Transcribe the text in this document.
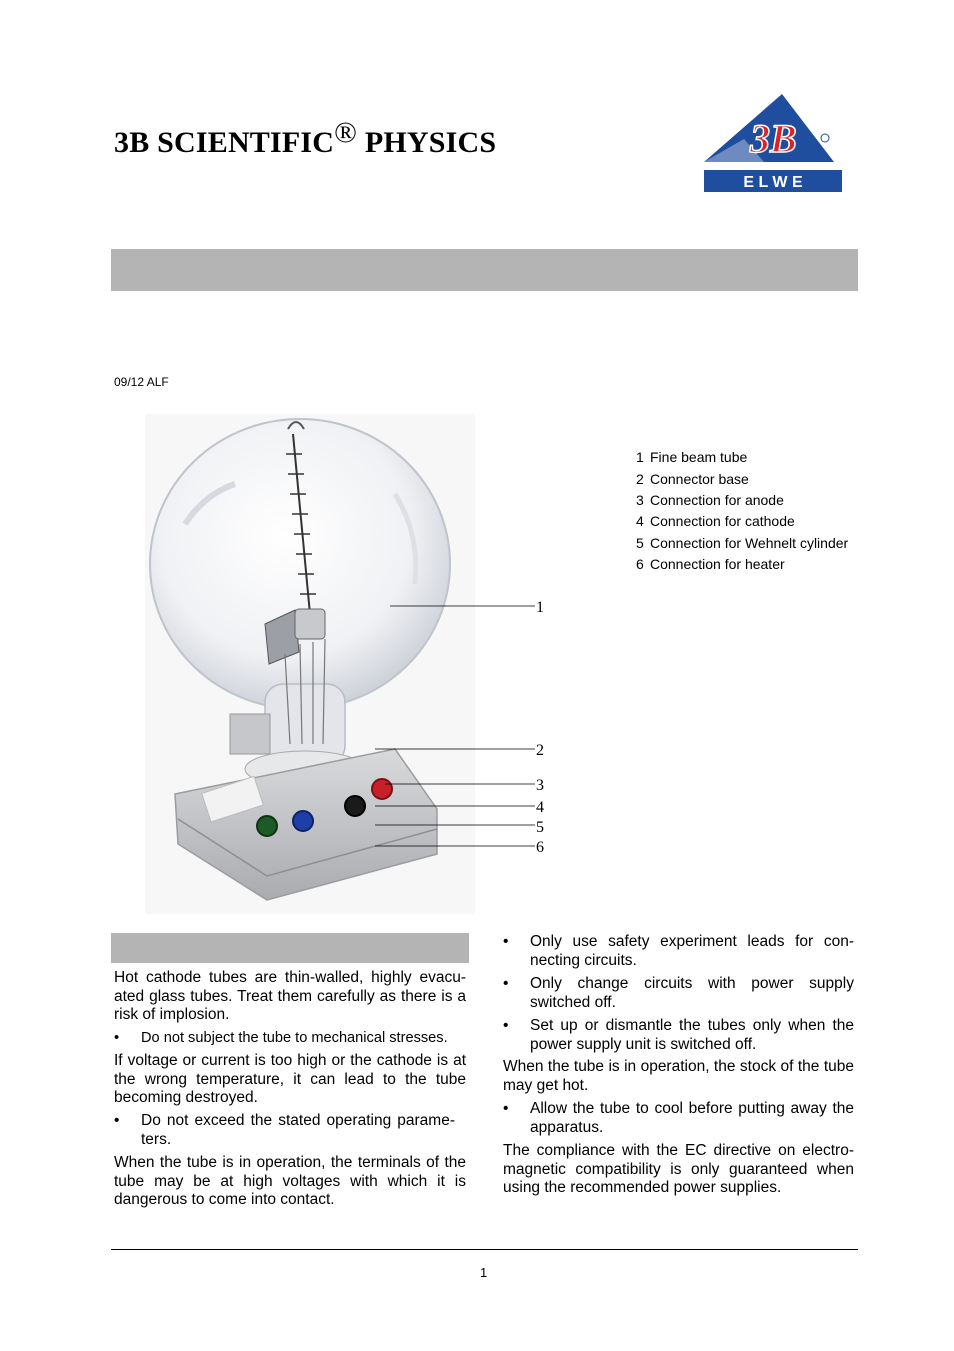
3B SCIENTIFIC® PHYSICS	3B
E L W E
09/12 ALF
1
2
3
4
5
6
1 Fine beam tube
2 Connector base
3 Connection for anode
4 Connection for cathode
5 Connection for Wehnelt cylinder
6 Connection for heater
Hot cathode tubes are thin-walled, highly evacu-ated glass tubes. Treat them carefully as there is a risk of implosion.
• Do not subject the tube to mechanical stresses.
If voltage or current is too high or the cathode is at the wrong temperature, it can lead to the tube becoming destroyed.
• Do not exceed the stated operating parame-ters.
When the tube is in operation, the terminals of the tube may be at high voltages with which it is dangerous to come into contact.
• Only use safety experiment leads for con-necting circuits.
• Only change circuits with power supply switched off.
• Set up or dismantle the tubes only when the power supply unit is switched off.
When the tube is in operation, the stock of the tube may get hot.
• Allow the tube to cool before putting away the apparatus.
The compliance with the EC directive on electro-magnetic compatibility is only guaranteed when using the recommended power supplies.
1
